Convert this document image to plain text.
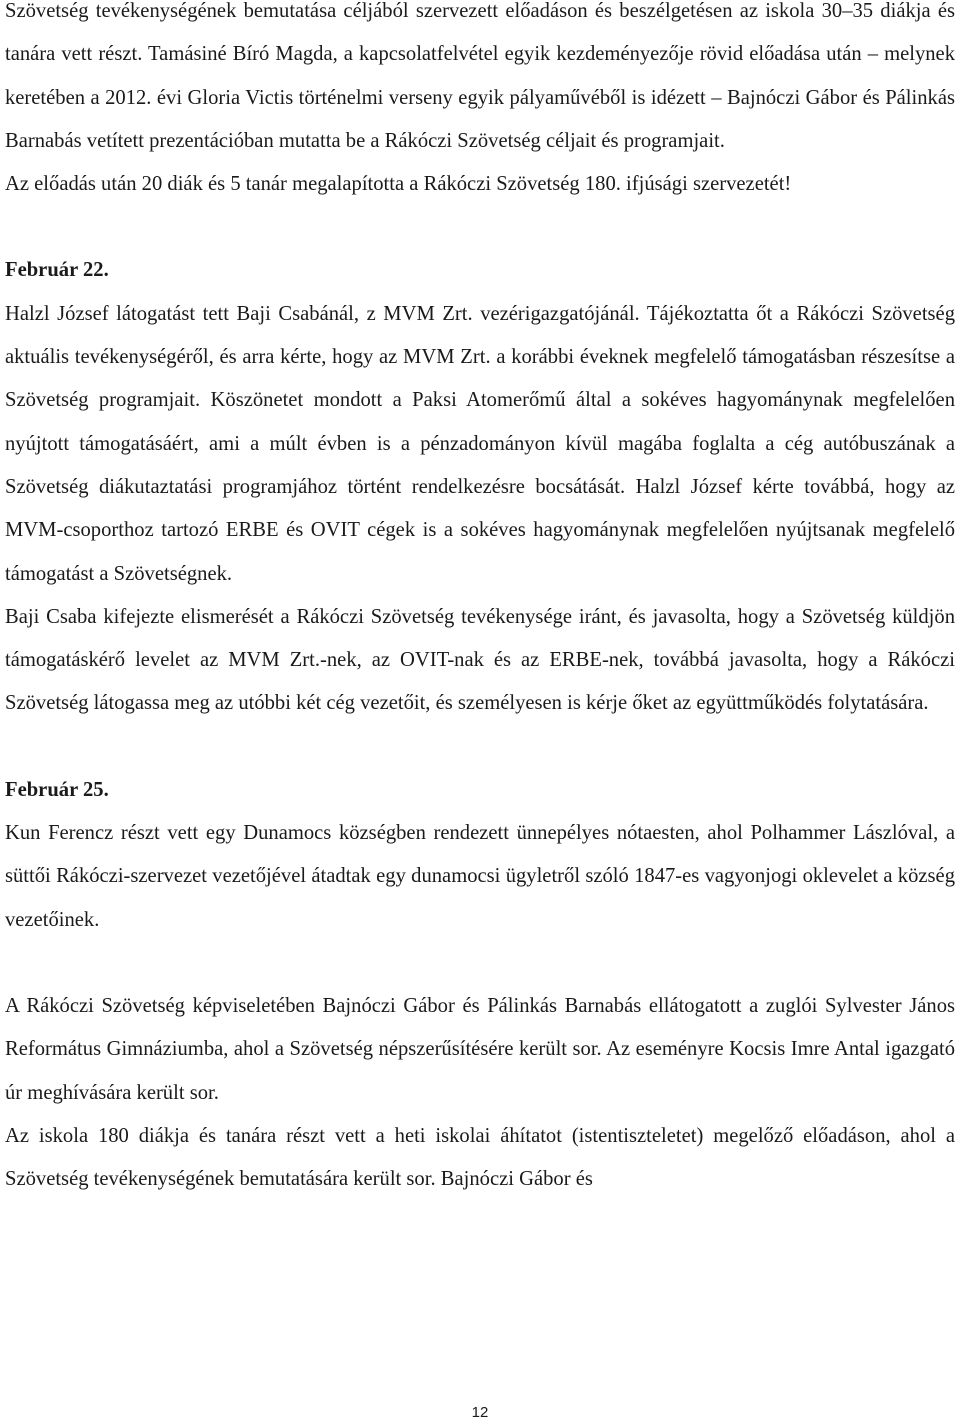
Szövetség tevékenységének bemutatása céljából szervezett előadáson és beszélgetésen az iskola 30–35 diákja és tanára vett részt. Tamásiné Bíró Magda, a kapcsolatfelvétel egyik kezdeményezője rövid előadása után – melynek keretében a 2012. évi Gloria Victis történelmi verseny egyik pályaművéből is idézett – Bajnóczi Gábor és Pálinkás Barnabás vetített prezentációban mutatta be a Rákóczi Szövetség céljait és programjait.

Az előadás után 20 diák és 5 tanár megalapította a Rákóczi Szövetség 180. ifjúsági szervezetét!

Február 22.

Halzl József látogatást tett Baji Csabánál, z MVM Zrt. vezérigazgatójánál. Tájékoztatta őt a Rákóczi Szövetség aktuális tevékenységéről, és arra kérte, hogy az MVM Zrt. a korábbi éveknek megfelelő támogatásban részesítse a Szövetség programjait. Köszönetet mondott a Paksi Atomerőmű által a sokéves hagyománynak megfelelően nyújtott támogatásáért, ami a múlt évben is a pénzadományon kívül magába foglalta a cég autóbuszának a Szövetség diákutaztatási programjához történt rendelkezésre bocsátását. Halzl József kérte továbbá, hogy az MVM-csoporthoz tartozó ERBE és OVIT cégek is a sokéves hagyománynak megfelelően nyújtsanak megfelelő támogatást a Szövetségnek.

Baji Csaba kifejezte elismerését a Rákóczi Szövetség tevékenysége iránt, és javasolta, hogy a Szövetség küldjön támogatáskérő levelet az MVM Zrt.-nek, az OVIT-nak és az ERBE-nek, továbbá javasolta, hogy a Rákóczi Szövetség látogassa meg az utóbbi két cég vezetőit, és személyesen is kérje őket az együttműködés folytatására.

Február 25.

Kun Ferencz részt vett egy Dunamocs községben rendezett ünnepélyes nótaesten, ahol Polhammer Lászlóval, a süttői Rákóczi-szervezet vezetőjével átadtak egy dunamocsi ügyletről szóló 1847-es vagyonjogi oklevelet a község vezetőinek.

A Rákóczi Szövetség képviseletében Bajnóczi Gábor és Pálinkás Barnabás ellátogatott a zuglói Sylvester János Református Gimnáziumba, ahol a Szövetség népszerűsítésére került sor. Az eseményre Kocsis Imre Antal igazgató úr meghívására került sor.

Az iskola 180 diákja és tanára részt vett a heti iskolai áhítatot (istentiszteletet) megelőző előadáson, ahol a Szövetség tevékenységének bemutatására került sor. Bajnóczi Gábor és

12
